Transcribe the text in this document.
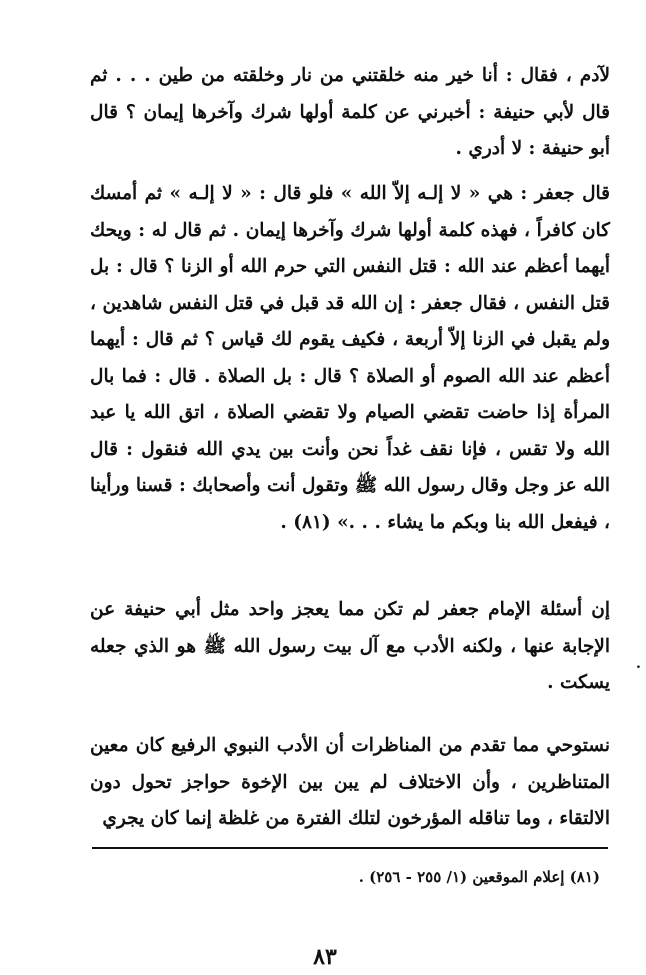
لآدم ، فقال : أنا خير منه خلقتني من نار وخلقته من طين . . . ثم قال لأبي حنيفة : أخبرني عن كلمة أولها شرك وآخرها إيمان ؟ قال أبو حنيفة : لا أدري .

قال جعفر : هي « لا إلـه إلاّ الله » فلو قال : « لا إلـه » ثم أمسك كان كافراً ، فهذه كلمة أولها شرك وآخرها إيمان . ثم قال له : ويحك أيهما أعظم عند الله : قتل النفس التي حرم الله أو الزنا ؟ قال : بل قتل النفس ، فقال جعفر : إن الله قد قبل في قتل النفس شاهدين ، ولم يقبل في الزنا إلاّ أربعة ، فكيف يقوم لك قياس ؟ ثم قال : أيهما أعظم عند الله الصوم أو الصلاة ؟ قال : بل الصلاة . قال : فما بال المرأة إذا حاضت تقضي الصيام ولا تقضي الصلاة ، اتق الله يا عبد الله ولا تقس ، فإنا نقف غداً نحن وأنت بين يدي الله فنقول : قال الله عز وجل وقال رسول الله ﷺ وتقول أنت وأصحابك : قسنا ورأينا ، فيفعل الله بنا وبكم ما يشاء . . .» (٨١) .

إن أسئلة الإمام جعفر لم تكن مما يعجز واحد مثل أبي حنيفة عن الإجابة عنها ، ولكنه الأدب مع آل بيت رسول الله ﷺ هو الذي جعله يسكت .

نستوحي مما تقدم من المناظرات أن الأدب النبوي الرفيع كان معين المتناظرين ، وأن الاختلاف لم يبن بين الإخوة حواجز تحول دون الالتقاء ، وما تناقله المؤرخون لتلك الفترة من غلظة إنما كان يجري

.
(٨١) إعلام الموقعين (١/ ٢٥٥ - ٢٥٦) .
٨٣
